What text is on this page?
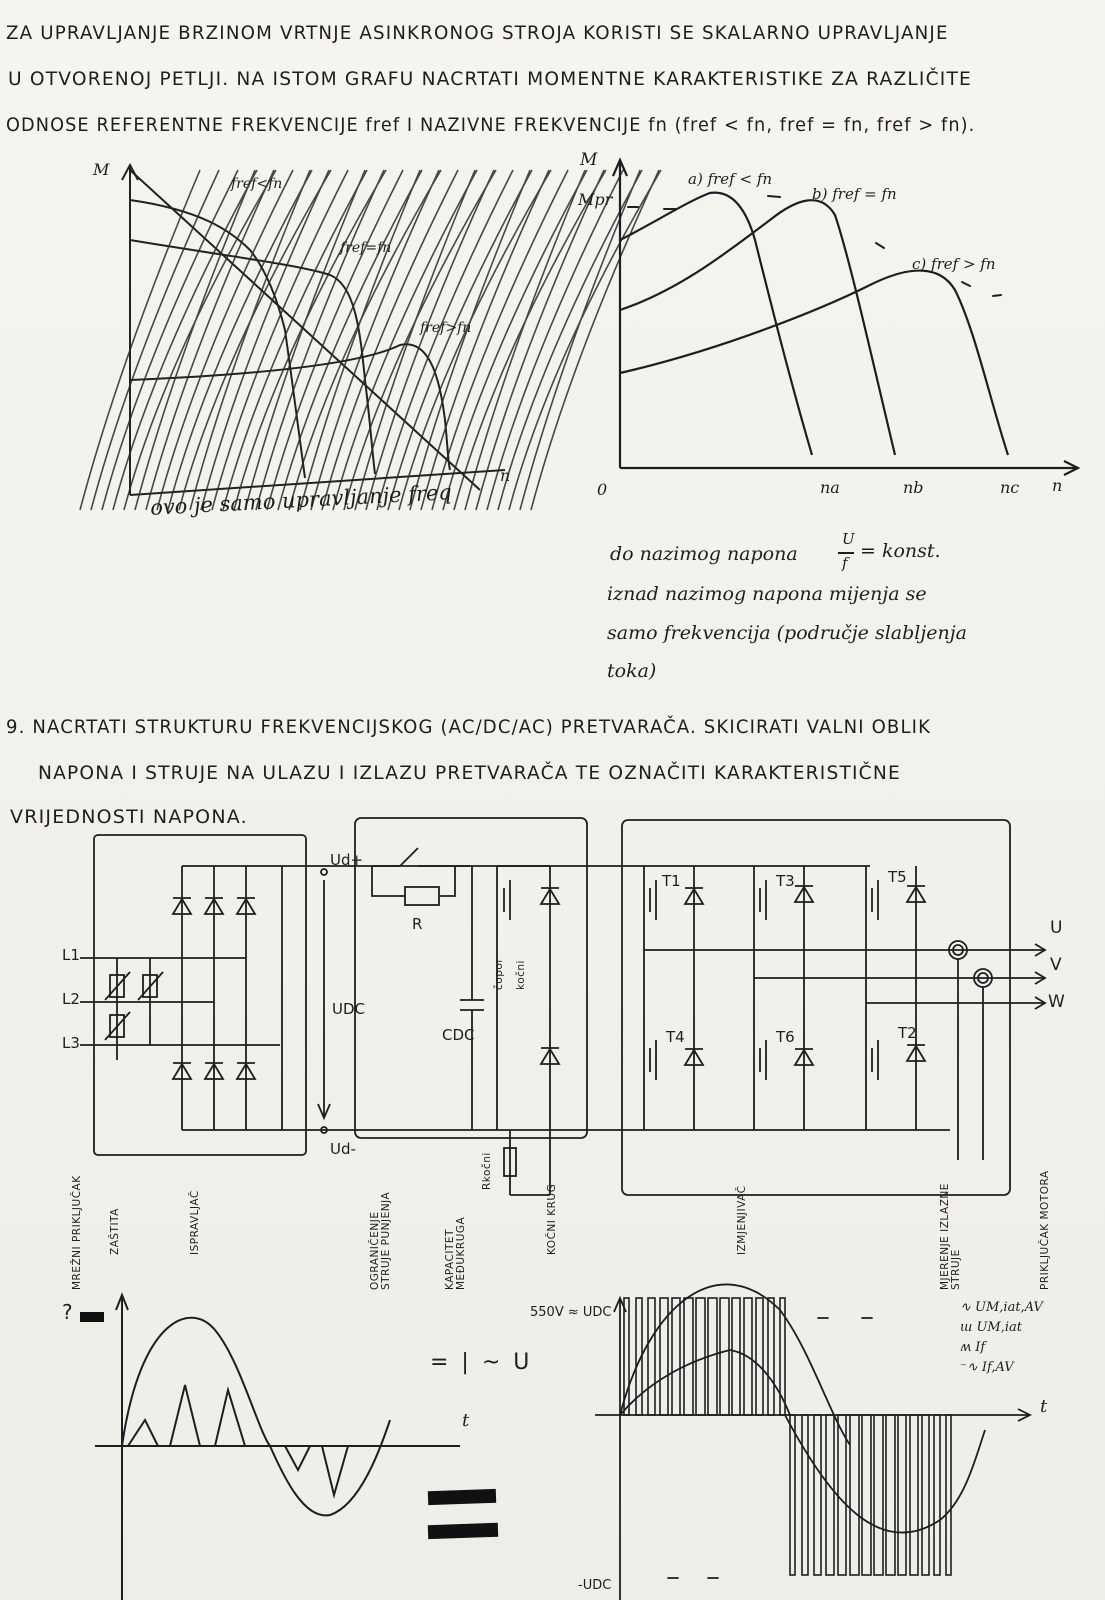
ZA UPRAVLJANJE BRZINOM VRTNJE ASINKRONOG STROJA KORISTI SE SKALARNO UPRAVLJANJE
U OTVORENOJ PETLJI. NA ISTOM GRAFU NACRTATI MOMENTNE KARAKTERISTIKE ZA RAZLIČITE
ODNOSE REFERENTNE FREKVENCIJE fref I NAZIVNE FREKVENCIJE fn (fref < fn, fref = fn, fref > fn).
M
n
fref<fn
fref=fn
fref>fn
ovo je samo upravljanje freq
M
Mpr
n
0
a) fref < fn
b) fref = fn
c) fref > fn
na	nb	nc
do nazimog napona
U
f
= konst.
iznad nazimog napona mijenja se
samo frekvencija (područje slabljenja
toka)
9. NACRTATI STRUKTURU FREKVENCIJSKOG (AC/DC/AC) PRETVARAČA. SKICIRATI VALNI OBLIK
NAPONA I STRUJE NA ULAZU I IZLAZU PRETVARAČA TE OZNAČITI KARAKTERISTIČNE
VRIJEDNOSTI NAPONA.
L1
L2
L3
Ud+
Ud-
UDC
R
CDC
čopor kočni
Rkočni
T1	T3	T5
T4	T6	T2
U
V
W
MREŽNI PRIKLJUČAK ZAŠTITA	ISPRAVLJAČ	OGRANIČENJE STRUJE PUNJENJA	KAPACITET MEĐUKRUGA	KOČNI KRUG	IZMJENJIVAČ	MJERENJE IZLAZNE STRUJE	PRIKLJUČAK MOTORA
?
t
= | ~ U
550V ≈ UDC
-UDC
t
∿ UM,iat,AV
ш UM,iat
ʍ If
⁻∿ If,AV
